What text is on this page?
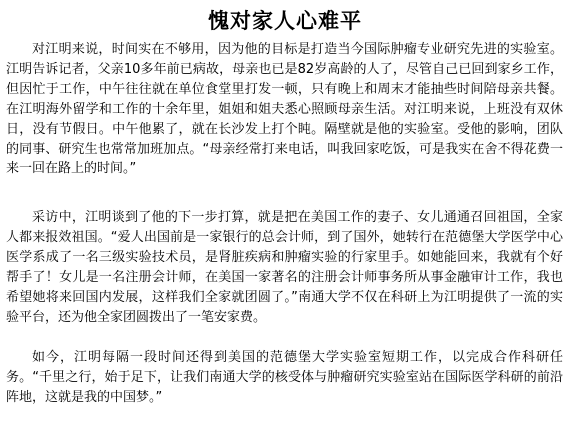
愧对家人心难平

对江明来说，时间实在不够用，因为他的目标是打造当今国际肿瘤专业研究先进的实验室。江明告诉记者，父亲10多年前已病故，母亲也已是82岁高龄的人了，尽管自己已回到家乡工作，但因忙于工作，中午往往就在单位食堂里打发一顿，只有晚上和周末才能抽些时间陪母亲共餐。在江明海外留学和工作的十余年里，姐姐和姐夫悉心照顾母亲生活。对江明来说，上班没有双休日，没有节假日。中午他累了，就在长沙发上打个盹。隔壁就是他的实验室。受他的影响，团队的同事、研究生也常常加班加点。“母亲经常打来电话，叫我回家吃饭，可是我实在舍不得花费一来一回在路上的时间。”

采访中，江明谈到了他的下一步打算，就是把在美国工作的妻子、女儿通通召回祖国，全家人都来报效祖国。“爱人出国前是一家银行的总会计师，到了国外，她转行在范德堡大学医学中心医学系成了一名三级实验技术员，是肾脏疾病和肿瘤实验的行家里手。如她能回来，我就有个好帮手了！女儿是一名注册会计师，在美国一家著名的注册会计师事务所从事金融审计工作，我也希望她将来回国内发展，这样我们全家就团圆了。”南通大学不仅在科研上为江明提供了一流的实验平台，还为他全家团圆拨出了一笔安家费。

如今，江明每隔一段时间还得到美国的范德堡大学实验室短期工作，以完成合作科研任务。“千里之行，始于足下，让我们南通大学的核受体与肿瘤研究实验室站在国际医学科研的前沿阵地，这就是我的中国梦。”
